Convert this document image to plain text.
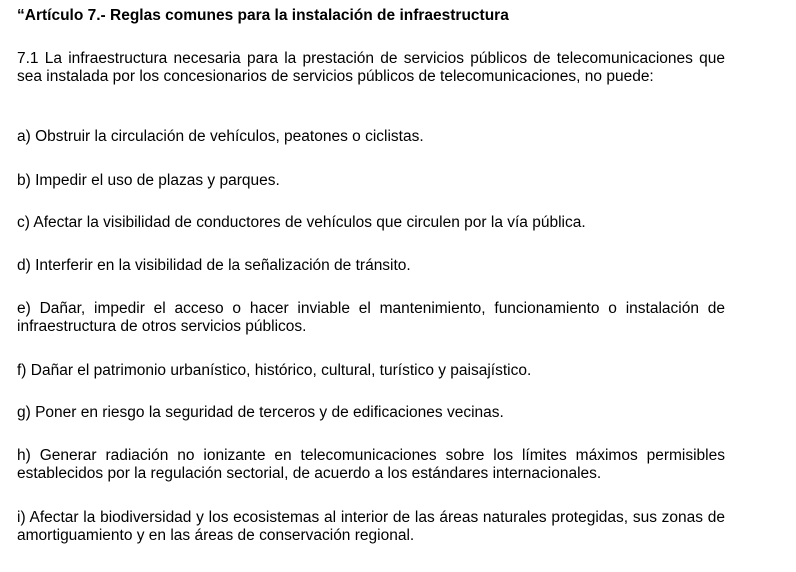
“Artículo 7.- Reglas comunes para la instalación de infraestructura

7.1 La infraestructura necesaria para la prestación de servicios públicos de telecomunicaciones que sea instalada por los concesionarios de servicios públicos de telecomunicaciones, no puede:

a) Obstruir la circulación de vehículos, peatones o ciclistas.

b) Impedir el uso de plazas y parques.

c) Afectar la visibilidad de conductores de vehículos que circulen por la vía pública.

d) Interferir en la visibilidad de la señalización de tránsito.

e) Dañar, impedir el acceso o hacer inviable el mantenimiento, funcionamiento o instalación de infraestructura de otros servicios públicos.

f) Dañar el patrimonio urbanístico, histórico, cultural, turístico y paisajístico.

g) Poner en riesgo la seguridad de terceros y de edificaciones vecinas.

h) Generar radiación no ionizante en telecomunicaciones sobre los límites máximos permisibles establecidos por la regulación sectorial, de acuerdo a los estándares internacionales.

i) Afectar la biodiversidad y los ecosistemas al interior de las áreas naturales protegidas, sus zonas de amortiguamiento y en las áreas de conservación regional.
